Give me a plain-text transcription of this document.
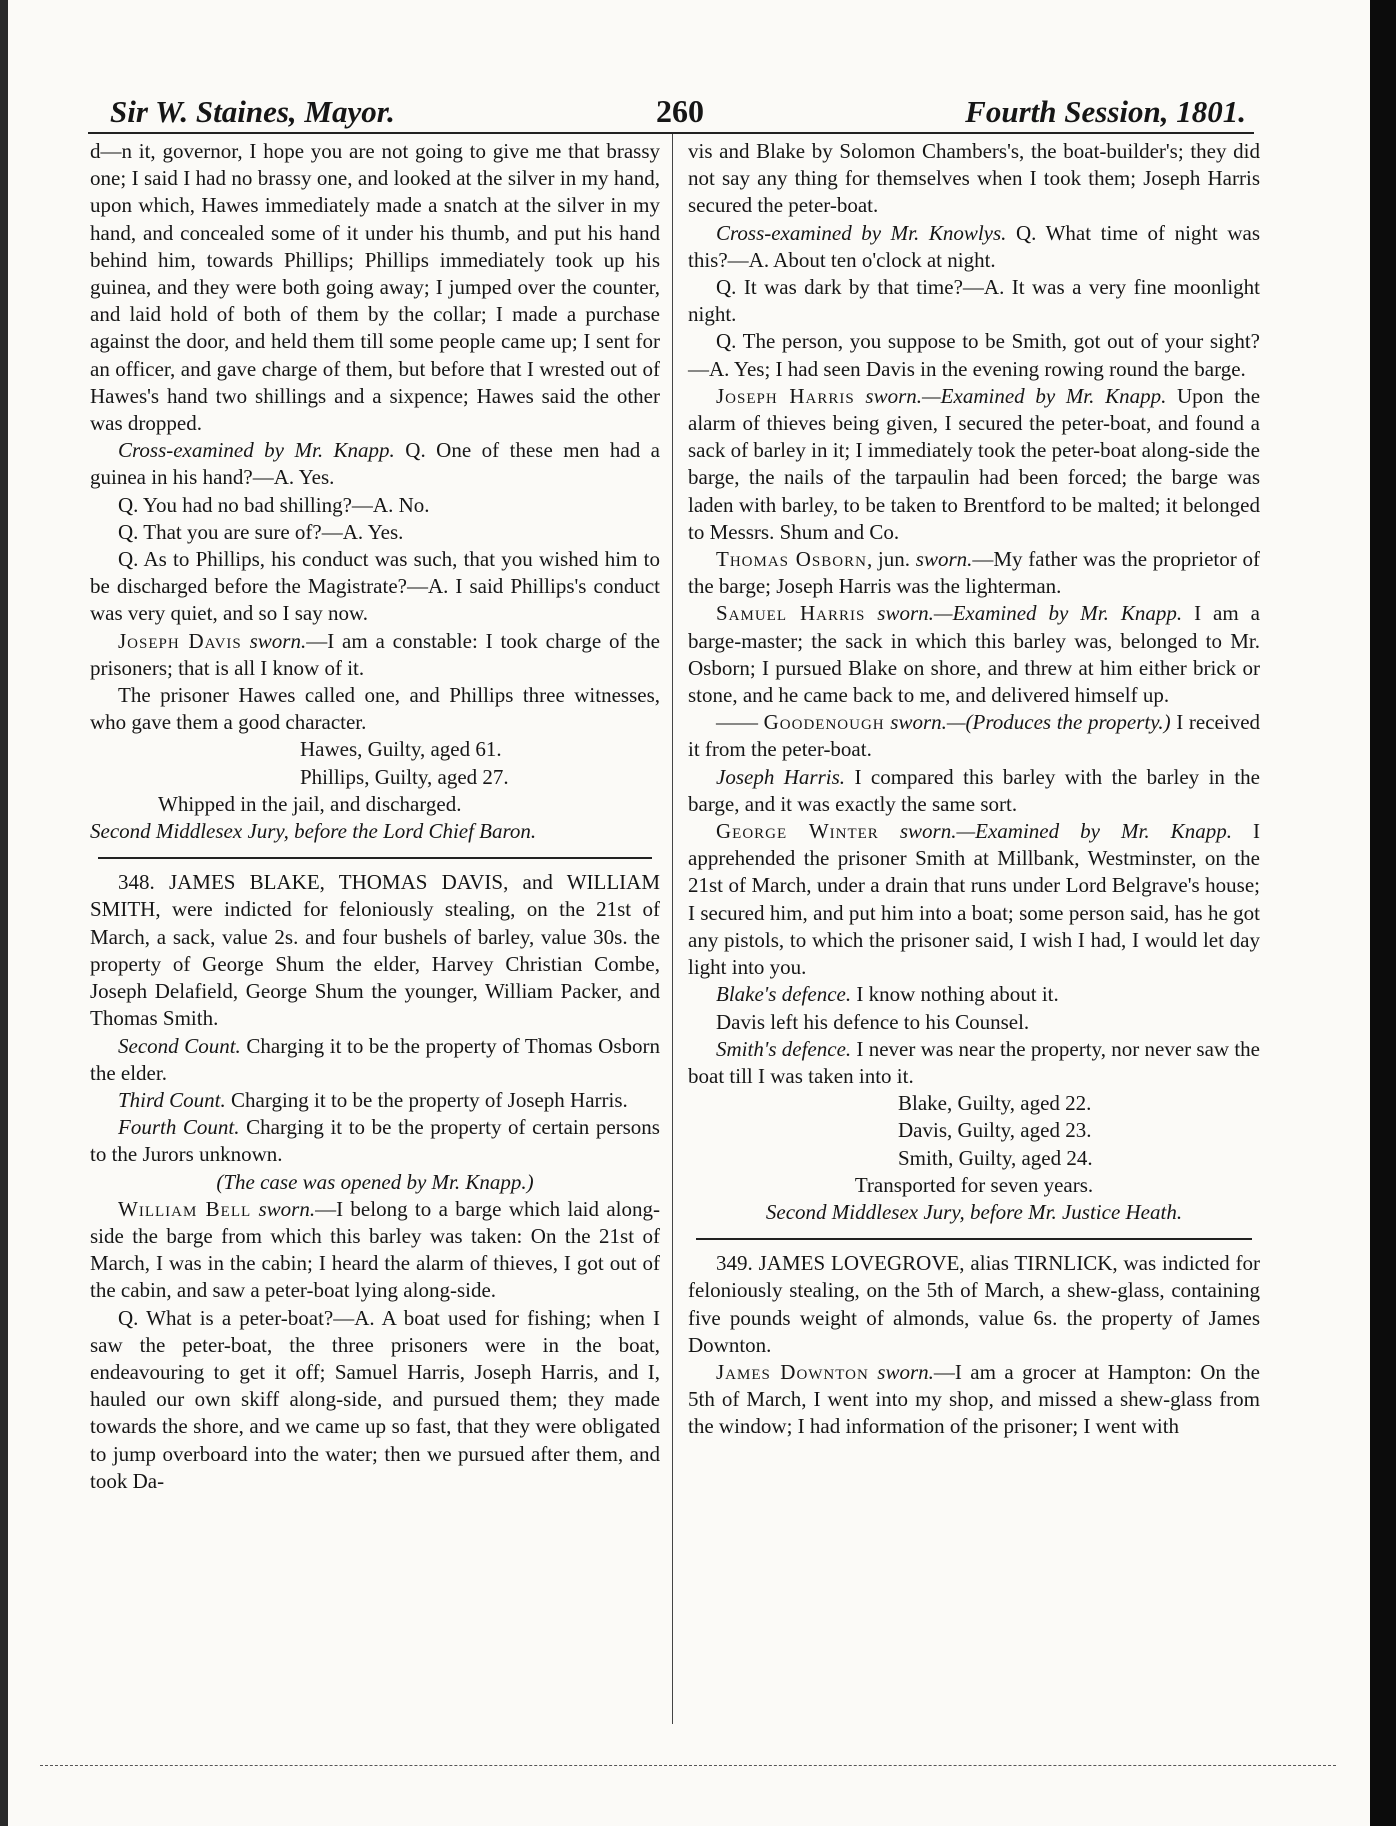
Sir W. Staines, Mayor.	260	Fourth Session, 1801.

d—n it, governor, I hope you are not going to give me that brassy one; I said I had no brassy one, and looked at the silver in my hand, upon which, Hawes immediately made a snatch at the silver in my hand, and concealed some of it under his thumb, and put his hand behind him, towards Phillips; Phillips immediately took up his guinea, and they were both going away; I jumped over the counter, and laid hold of both of them by the collar; I made a purchase against the door, and held them till some people came up; I sent for an officer, and gave charge of them, but before that I wrested out of Hawes's hand two shillings and a sixpence; Hawes said the other was dropped.

Cross-examined by Mr. Knapp. Q. One of these men had a guinea in his hand?—A. Yes.

Q. You had no bad shilling?—A. No.

Q. That you are sure of?—A. Yes.

Q. As to Phillips, his conduct was such, that you wished him to be discharged before the Magistrate?—A. I said Phillips's conduct was very quiet, and so I say now.

Joseph Davis sworn.—I am a constable: I took charge of the prisoners; that is all I know of it.

The prisoner Hawes called one, and Phillips three witnesses, who gave them a good character.

Hawes, Guilty, aged 61.

Phillips, Guilty, aged 27.

Whipped in the jail, and discharged.

Second Middlesex Jury, before the Lord Chief Baron.

348. JAMES BLAKE, THOMAS DAVIS, and WILLIAM SMITH, were indicted for feloniously stealing, on the 21st of March, a sack, value 2s. and four bushels of barley, value 30s. the property of George Shum the elder, Harvey Christian Combe, Joseph Delafield, George Shum the younger, William Packer, and Thomas Smith.

Second Count. Charging it to be the property of Thomas Osborn the elder.

Third Count. Charging it to be the property of Joseph Harris.

Fourth Count. Charging it to be the property of certain persons to the Jurors unknown.

(The case was opened by Mr. Knapp.)

William Bell sworn.—I belong to a barge which laid along-side the barge from which this barley was taken: On the 21st of March, I was in the cabin; I heard the alarm of thieves, I got out of the cabin, and saw a peter-boat lying along-side.

Q. What is a peter-boat?—A. A boat used for fishing; when I saw the peter-boat, the three prisoners were in the boat, endeavouring to get it off; Samuel Harris, Joseph Harris, and I, hauled our own skiff along-side, and pursued them; they made towards the shore, and we came up so fast, that they were obligated to jump overboard into the water; then we pursued after them, and took Da-

vis and Blake by Solomon Chambers's, the boat-builder's; they did not say any thing for themselves when I took them; Joseph Harris secured the peter-boat.

Cross-examined by Mr. Knowlys. Q. What time of night was this?—A. About ten o'clock at night.

Q. It was dark by that time?—A. It was a very fine moonlight night.

Q. The person, you suppose to be Smith, got out of your sight?—A. Yes; I had seen Davis in the evening rowing round the barge.

Joseph Harris sworn.—Examined by Mr. Knapp. Upon the alarm of thieves being given, I secured the peter-boat, and found a sack of barley in it; I immediately took the peter-boat along-side the barge, the nails of the tarpaulin had been forced; the barge was laden with barley, to be taken to Brentford to be malted; it belonged to Messrs. Shum and Co.

Thomas Osborn, jun. sworn.—My father was the proprietor of the barge; Joseph Harris was the lighterman.

Samuel Harris sworn.—Examined by Mr. Knapp. I am a barge-master; the sack in which this barley was, belonged to Mr. Osborn; I pursued Blake on shore, and threw at him either brick or stone, and he came back to me, and delivered himself up.

—— Goodenough sworn.—(Produces the property.) I received it from the peter-boat.

Joseph Harris. I compared this barley with the barley in the barge, and it was exactly the same sort.

George Winter sworn.—Examined by Mr. Knapp. I apprehended the prisoner Smith at Millbank, Westminster, on the 21st of March, under a drain that runs under Lord Belgrave's house; I secured him, and put him into a boat; some person said, has he got any pistols, to which the prisoner said, I wish I had, I would let day light into you.

Blake's defence. I know nothing about it.

Davis left his defence to his Counsel.

Smith's defence. I never was near the property, nor never saw the boat till I was taken into it.

Blake, Guilty, aged 22.

Davis, Guilty, aged 23.

Smith, Guilty, aged 24.

Transported for seven years.

Second Middlesex Jury, before Mr. Justice Heath.

349. JAMES LOVEGROVE, alias TIRNLICK, was indicted for feloniously stealing, on the 5th of March, a shew-glass, containing five pounds weight of almonds, value 6s. the property of James Downton.

James Downton sworn.—I am a grocer at Hampton: On the 5th of March, I went into my shop, and missed a shew-glass from the window; I had information of the prisoner; I went with
